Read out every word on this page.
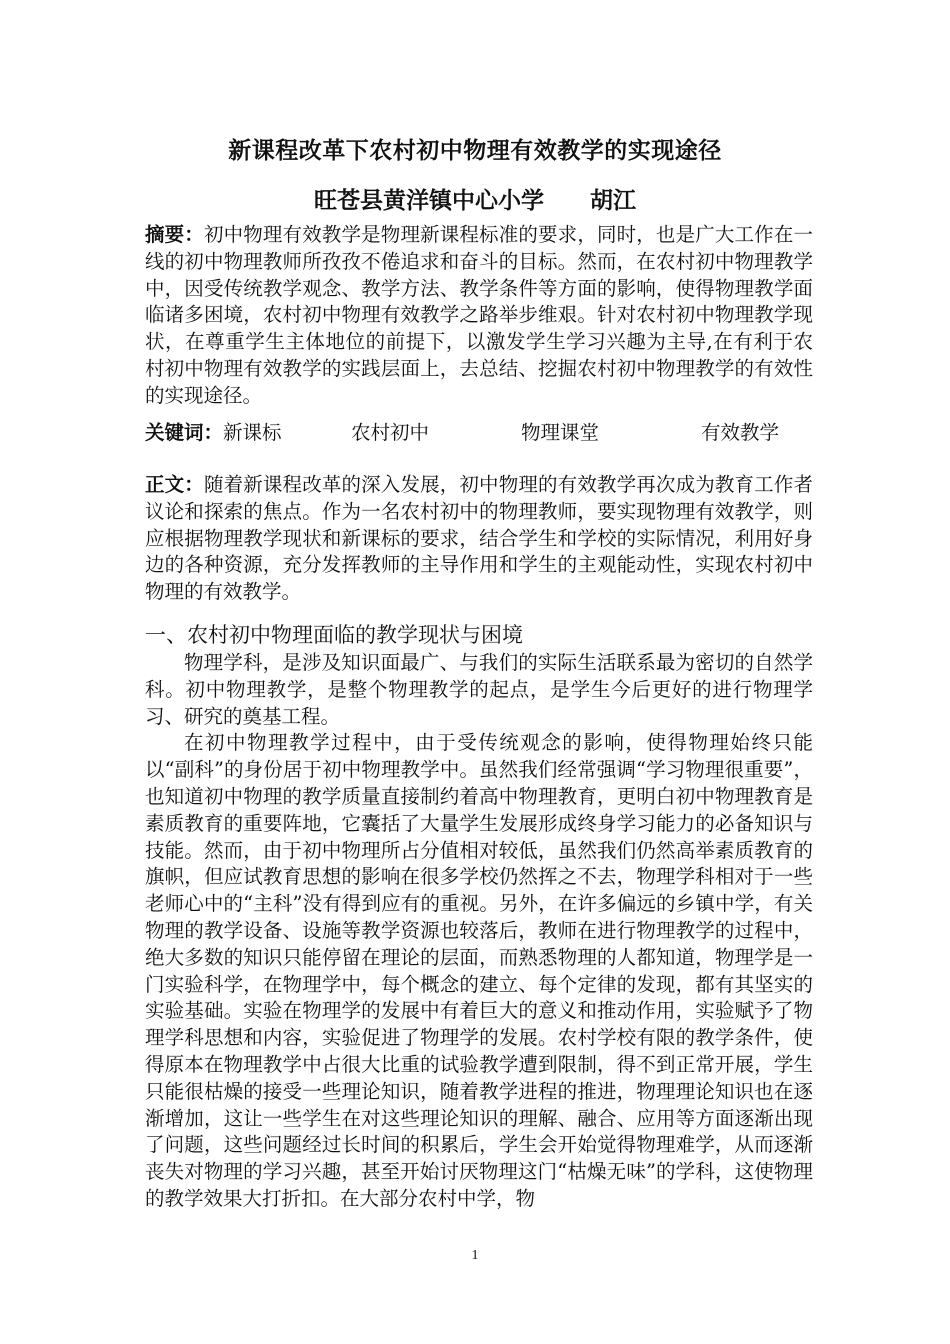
新课程改革下农村初中物理有效教学的实现途径
旺苍县黄洋镇中心小学 胡江
摘要：初中物理有效教学是物理新课程标准的要求，同时，也是广大工作在一线的初中物理教师所孜孜不倦追求和奋斗的目标。然而，在农村初中物理教学中，因受传统教学观念、教学方法、教学条件等方面的影响，使得物理教学面临诸多困境，农村初中物理有效教学之路举步维艰。针对农村初中物理教学现状，在尊重学生主体地位的前提下，以激发学生学习兴趣为主导,在有利于农村初中物理有效教学的实践层面上，去总结、挖掘农村初中物理教学的有效性的实现途径。
关键词：新课标	农村初中	物理课堂	有效教学
正文：随着新课程改革的深入发展，初中物理的有效教学再次成为教育工作者议论和探索的焦点。作为一名农村初中的物理教师，要实现物理有效教学，则应根据物理教学现状和新课标的要求，结合学生和学校的实际情况，利用好身边的各种资源，充分发挥教师的主导作用和学生的主观能动性，实现农村初中物理的有效教学。
一、农村初中物理面临的教学现状与困境

物理学科，是涉及知识面最广、与我们的实际生活联系最为密切的自然学科。初中物理教学，是整个物理教学的起点，是学生今后更好的进行物理学习、研究的奠基工程。

在初中物理教学过程中，由于受传统观念的影响，使得物理始终只能以“副科”的身份居于初中物理教学中。虽然我们经常强调“学习物理很重要”，也知道初中物理的教学质量直接制约着高中物理教育，更明白初中物理教育是素质教育的重要阵地，它囊括了大量学生发展形成终身学习能力的必备知识与技能。然而，由于初中物理所占分值相对较低，虽然我们仍然高举素质教育的旗帜，但应试教育思想的影响在很多学校仍然挥之不去，物理学科相对于一些老师心中的“主科”没有得到应有的重视。另外，在许多偏远的乡镇中学，有关物理的教学设备、设施等教学资源也较落后，教师在进行物理教学的过程中，绝大多数的知识只能停留在理论的层面，而熟悉物理的人都知道，物理学是一门实验科学，在物理学中，每个概念的建立、每个定律的发现，都有其坚实的实验基础。实验在物理学的发展中有着巨大的意义和推动作用，实验赋予了物理学科思想和内容，实验促进了物理学的发展。农村学校有限的教学条件，使得原本在物理教学中占很大比重的试验教学遭到限制，得不到正常开展，学生只能很枯燥的接受一些理论知识，随着教学进程的推进，物理理论知识也在逐渐增加，这让一些学生在对这些理论知识的理解、融合、应用等方面逐渐出现了问题，这些问题经过长时间的积累后，学生会开始觉得物理难学，从而逐渐丧失对物理的学习兴趣，甚至开始讨厌物理这门“枯燥无味”的学科，这使物理的教学效果大打折扣。在大部分农村中学，物

1
